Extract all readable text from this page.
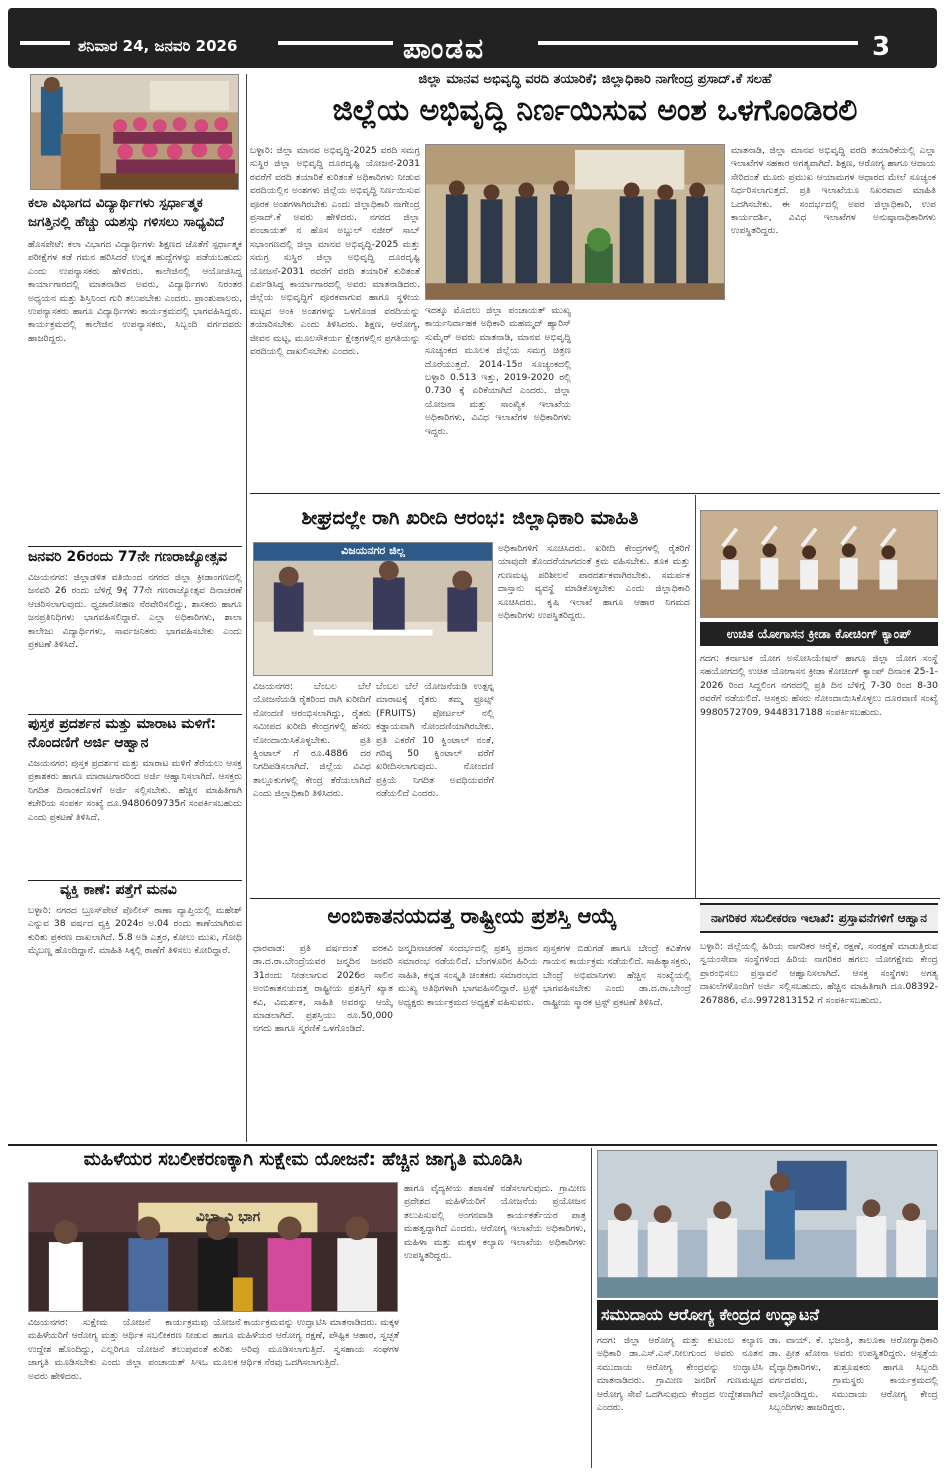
ಶನಿವಾರ 24, ಜನವರಿ 2026	ಪಾಂಡವ	3
ಕಲಾ ವಿಭಾಗದ ವಿದ್ಯಾರ್ಥಿಗಳು ಸ್ಪರ್ಧಾತ್ಮಕ ಜಗತ್ತಿನಲ್ಲಿ ಹೆಚ್ಚು ಯಶಸ್ಸು ಗಳಿಸಲು ಸಾಧ್ಯವಿದೆ
ಹೊಸಪೇಟೆ: ಕಲಾ ವಿಭಾಗದ ವಿದ್ಯಾರ್ಥಿಗಳು ಶಿಕ್ಷಣದ ಜೊತೆಗೆ ಸ್ಪರ್ಧಾತ್ಮಕ ಪರೀಕ್ಷೆಗಳ ಕಡೆ ಗಮನ ಹರಿಸಿದರೆ ಉನ್ನತ ಹುದ್ದೆಗಳನ್ನು ಪಡೆಯಬಹುದು ಎಂದು ಉಪನ್ಯಾಸಕರು ಹೇಳಿದರು. ಕಾಲೇಜಿನಲ್ಲಿ ಆಯೋಜಿಸಿದ್ದ ಕಾರ್ಯಾಗಾರದಲ್ಲಿ ಮಾತನಾಡಿದ ಅವರು, ವಿದ್ಯಾರ್ಥಿಗಳು ನಿರಂತರ ಅಧ್ಯಯನ ಮತ್ತು ಶಿಸ್ತಿನಿಂದ ಗುರಿ ತಲುಪಬೇಕು ಎಂದರು. ಪ್ರಾಂಶುಪಾಲರು, ಉಪನ್ಯಾಸಕರು ಹಾಗೂ ವಿದ್ಯಾರ್ಥಿಗಳು ಕಾರ್ಯಕ್ರಮದಲ್ಲಿ ಭಾಗವಹಿಸಿದ್ದರು. ಕಾರ್ಯಕ್ರಮದಲ್ಲಿ ಕಾಲೇಜಿನ ಉಪನ್ಯಾಸಕರು, ಸಿಬ್ಬಂದಿ ವರ್ಗದವರು ಹಾಜರಿದ್ದರು.
ಜನವರಿ 26ರಂದು 77ನೇ ಗಣರಾಜ್ಯೋತ್ಸವ
ವಿಜಯನಗರ: ಜಿಲ್ಲಾಡಳಿತ ವತಿಯಿಂದ ನಗರದ ಜಿಲ್ಲಾ ಕ್ರೀಡಾಂಗಣದಲ್ಲಿ ಜನವರಿ 26 ರಂದು ಬೆಳಿಗ್ಗೆ 9ಕ್ಕೆ 77ನೇ ಗಣರಾಜ್ಯೋತ್ಸವ ದಿನಾಚರಣೆ ಆಚರಿಸಲಾಗುವುದು. ಧ್ವಜಾರೋಹಣ ನೆರವೇರಿಸಲಿದ್ದು, ಶಾಸಕರು ಹಾಗೂ ಜನಪ್ರತಿನಿಧಿಗಳು ಭಾಗವಹಿಸಲಿದ್ದಾರೆ. ಎಲ್ಲಾ ಅಧಿಕಾರಿಗಳು, ಶಾಲಾ ಕಾಲೇಜು ವಿದ್ಯಾರ್ಥಿಗಳು, ಸಾರ್ವಜನಿಕರು ಭಾಗವಹಿಸಬೇಕು ಎಂದು ಪ್ರಕಟಣೆ ತಿಳಿಸಿದೆ.
ಪುಸ್ತಕ ಪ್ರದರ್ಶನ ಮತ್ತು ಮಾರಾಟ ಮಳಿಗೆ: ನೊಂದಣಿಗೆ ಅರ್ಜಿ ಆಹ್ವಾನ
ವಿಜಯನಗರ: ಪುಸ್ತಕ ಪ್ರದರ್ಶನ ಮತ್ತು ಮಾರಾಟ ಮಳಿಗೆ ತೆರೆಯಲು ಆಸಕ್ತ ಪ್ರಕಾಶಕರು ಹಾಗೂ ಮಾರಾಟಗಾರರಿಂದ ಅರ್ಜಿ ಆಹ್ವಾನಿಸಲಾಗಿದೆ. ಆಸಕ್ತರು ನಿಗದಿತ ದಿನಾಂಕದೊಳಗೆ ಅರ್ಜಿ ಸಲ್ಲಿಸಬೇಕು. ಹೆಚ್ಚಿನ ಮಾಹಿತಿಗಾಗಿ ಕಚೇರಿಯ ಸಂಪರ್ಕ ಸಂಖ್ಯೆ ದೂ.9480609735ಗೆ ಸಂಪರ್ಕಿಸಬಹುದು ಎಂದು ಪ್ರಕಟಣೆ ತಿಳಿಸಿದೆ.
ವ್ಯಕ್ತಿ ಕಾಣೆ: ಪತ್ತೆಗೆ ಮನವಿ
ಬಳ್ಳಾರಿ: ನಗರದ ಬ್ರೂಸ್‌ಪೇಟೆ ಪೊಲೀಸ್ ಠಾಣಾ ವ್ಯಾಪ್ತಿಯಲ್ಲಿ ಮಹೇಶ್ ಎನ್ನುವ 38 ವರ್ಷದ ವ್ಯಕ್ತಿ 2024ರ ಅ.04 ರಂದು ಕಾಣೆಯಾಗಿರುವ ಕುರಿತು ಪ್ರಕರಣ ದಾಖಲಾಗಿದೆ. 5.8 ಅಡಿ ಎತ್ತರ, ಕೋಲು ಮುಖ, ಗೋಧಿ ಮೈಬಣ್ಣ ಹೊಂದಿದ್ದಾನೆ. ಮಾಹಿತಿ ಸಿಕ್ಕಲ್ಲಿ ಠಾಣೆಗೆ ತಿಳಿಸಲು ಕೋರಿದ್ದಾರೆ.
ಜಿಲ್ಲಾ ಮಾನವ ಅಭಿವೃದ್ಧಿ ವರದಿ ತಯಾರಿಕೆ; ಜಿಲ್ಲಾಧಿಕಾರಿ ನಾಗೇಂದ್ರ ಪ್ರಸಾದ್.ಕೆ ಸಲಹೆ
ಜಿಲ್ಲೆಯ ಅಭಿವೃದ್ಧಿ ನಿರ್ಣಯಿಸುವ ಅಂಶ ಒಳಗೊಂಡಿರಲಿ
ಬಳ್ಳಾರಿ: ಜಿಲ್ಲಾ ಮಾನವ ಅಭಿವೃದ್ಧಿ-2025 ವರದಿ ಸಮಗ್ರ ಸುಸ್ಥಿರ ಜಿಲ್ಲಾ ಅಭಿವೃದ್ಧಿ ದೂರದೃಷ್ಟಿ ಯೋಜನೆ-2031 ರವರೆಗೆ ವರದಿ ತಯಾರಿಕೆ ಕುರಿತಂತೆ ಅಧಿಕಾರಿಗಳು ನೀಡುವ ವರದಿಯಲ್ಲಿನ ಅಂಶಗಳು ಜಿಲ್ಲೆಯ ಅಭಿವೃದ್ಧಿ ನಿರ್ಣಯಿಸುವ ಪೂರಕ ಅಂಶಗಳಾಗಿರಬೇಕು ಎಂದು ಜಿಲ್ಲಾಧಿಕಾರಿ ನಾಗೇಂದ್ರ ಪ್ರಸಾದ್.ಕೆ ಅವರು ಹೇಳಿದರು. ನಗರದ ಜಿಲ್ಲಾ ಪಂಚಾಯತ್ ನ ಹೊಸ ಅಬ್ದುಲ್ ನಜೀರ್ ಸಾಬ್ ಸಭಾಂಗಣದಲ್ಲಿ ಜಿಲ್ಲಾ ಮಾನವ ಅಭಿವೃದ್ಧಿ-2025 ಮತ್ತು ಸಮಗ್ರ ಸುಸ್ಥಿರ ಜಿಲ್ಲಾ ಅಭಿವೃದ್ಧಿ ದೂರದೃಷ್ಟಿ ಯೋಜನೆ-2031 ರವರೆಗೆ ವರದಿ ತಯಾರಿಕೆ ಕುರಿತಂತೆ ಏರ್ಪಡಿಸಿದ್ದ ಕಾರ್ಯಾಗಾರದಲ್ಲಿ ಅವರು ಮಾತನಾಡಿದರು. ಜಿಲ್ಲೆಯ ಅಭಿವೃದ್ಧಿಗೆ ಪೂರಕವಾಗುವ ಹಾಗೂ ಸ್ಥಳೀಯ ಮಟ್ಟದ ಅಂಕಿ ಅಂಶಗಳನ್ನು ಒಳಗೊಂಡ ವರದಿಯನ್ನು ತಯಾರಿಸಬೇಕು ಎಂದು ತಿಳಿಸಿದರು. ಶಿಕ್ಷಣ, ಆರೋಗ್ಯ, ಜೀವನ ಮಟ್ಟ, ಮೂಲಸೌಕರ್ಯ ಕ್ಷೇತ್ರಗಳಲ್ಲಿನ ಪ್ರಗತಿಯನ್ನು ವರದಿಯಲ್ಲಿ ದಾಖಲಿಸಬೇಕು ಎಂದರು.
ಇದಕ್ಕೂ ಮೊದಲು ಜಿಲ್ಲಾ ಪಂಚಾಯತ್ ಮುಖ್ಯ ಕಾರ್ಯನಿರ್ವಾಹಕ ಅಧಿಕಾರಿ ಮಹಮ್ಮದ್ ಹ್ಯಾರಿಸ್ ಸುಮೈರ್ ಅವರು ಮಾತನಾಡಿ, ಮಾನವ ಅಭಿವೃದ್ಧಿ ಸೂಚ್ಯಂಕದ ಮೂಲಕ ಜಿಲ್ಲೆಯ ಸಮಗ್ರ ಚಿತ್ರಣ ದೊರೆಯುತ್ತದೆ. 2014-15ರ ಸೂಚ್ಯಂಕದಲ್ಲಿ ಬಳ್ಳಾರಿ 0.513 ಇತ್ತು, 2019-2020 ರಲ್ಲಿ 0.730 ಕ್ಕೆ ಏರಿಕೆಯಾಗಿದೆ ಎಂದರು. ಜಿಲ್ಲಾ ಯೋಜನಾ ಮತ್ತು ಸಾಂಖ್ಯಿಕ ಇಲಾಖೆಯ ಅಧಿಕಾರಿಗಳು, ವಿವಿಧ ಇಲಾಖೆಗಳ ಅಧಿಕಾರಿಗಳು ಇದ್ದರು.
ಮಾತನಾಡಿ, ಜಿಲ್ಲಾ ಮಾನವ ಅಭಿವೃದ್ಧಿ ವರದಿ ತಯಾರಿಕೆಯಲ್ಲಿ ಎಲ್ಲಾ ಇಲಾಖೆಗಳ ಸಹಕಾರ ಅಗತ್ಯವಾಗಿದೆ. ಶಿಕ್ಷಣ, ಆರೋಗ್ಯ ಹಾಗೂ ಆದಾಯ ಸೇರಿದಂತೆ ಮೂರು ಪ್ರಮುಖ ಆಯಾಮಗಳ ಆಧಾರದ ಮೇಲೆ ಸೂಚ್ಯಂಕ ನಿರ್ಧರಿಸಲಾಗುತ್ತದೆ. ಪ್ರತಿ ಇಲಾಖೆಯೂ ನಿಖರವಾದ ಮಾಹಿತಿ ಒದಗಿಸಬೇಕು. ಈ ಸಂದರ್ಭದಲ್ಲಿ ಅಪರ ಜಿಲ್ಲಾಧಿಕಾರಿ, ಉಪ ಕಾರ್ಯದರ್ಶಿ, ವಿವಿಧ ಇಲಾಖೆಗಳ ಅನುಷ್ಠಾನಾಧಿಕಾರಿಗಳು ಉಪಸ್ಥಿತರಿದ್ದರು.
ಶೀಘ್ರದಲ್ಲೇ ರಾಗಿ ಖರೀದಿ ಆರಂಭ: ಜಿಲ್ಲಾಧಿಕಾರಿ ಮಾಹಿತಿ
ವಿಜಯನಗರ ಜಿಲ್ಲ
ವಿಜಯನಗರ: ಬೆಂಬಲ ಬೆಲೆ ಯೋಜನೆಯಡಿ ರೈತರಿಂದ ರಾಗಿ ಖರೀದಿಗೆ ನೋಂದಣಿ ಆರಂಭಿಸಲಾಗಿದ್ದು, ರೈತರು ಸಮೀಪದ ಖರೀದಿ ಕೇಂದ್ರಗಳಲ್ಲಿ ಹೆಸರು ನೋಂದಾಯಿಸಿಕೊಳ್ಳಬೇಕು. ಪ್ರತಿ ಕ್ವಿಂಟಾಲ್ ಗೆ ರೂ.4886 ದರ ನಿಗದಿಪಡಿಸಲಾಗಿದೆ. ಜಿಲ್ಲೆಯ ವಿವಿಧ ತಾಲ್ಲೂಕುಗಳಲ್ಲಿ ಕೇಂದ್ರ ತೆರೆಯಲಾಗಿದೆ ಎಂದು ಜಿಲ್ಲಾಧಿಕಾರಿ ತಿಳಿಸಿದರು.
ಬೆಂಬಲ ಬೆಲೆ ಯೋಜನೆಯಡಿ ಉತ್ಪನ್ನ ಮಾರಾಟಕ್ಕೆ ರೈತರು ತಮ್ಮ ಫ್ರೂಟ್ಸ್ (FRUITS) ಪೋರ್ಟಲ್ ನಲ್ಲಿ ಕಡ್ಡಾಯವಾಗಿ ನೋಂದಣಿಯಾಗಿರಬೇಕು. ಪ್ರತಿ ಎಕರೆಗೆ 10 ಕ್ವಿಂಟಾಲ್ ನಂತೆ, ಗರಿಷ್ಠ 50 ಕ್ವಿಂಟಾಲ್ ವರೆಗೆ ಖರೀದಿಸಲಾಗುವುದು. ನೋಂದಣಿ ಪ್ರಕ್ರಿಯೆ ನಿಗದಿತ ಅವಧಿಯವರೆಗೆ ನಡೆಯಲಿದೆ ಎಂದರು.
ಅಧಿಕಾರಿಗಳಿಗೆ ಸೂಚಿಸಿದರು. ಖರೀದಿ ಕೇಂದ್ರಗಳಲ್ಲಿ ರೈತರಿಗೆ ಯಾವುದೇ ತೊಂದರೆಯಾಗದಂತೆ ಕ್ರಮ ವಹಿಸಬೇಕು. ತೂಕ ಮತ್ತು ಗುಣಮಟ್ಟ ಪರಿಶೀಲನೆ ಪಾರದರ್ಶಕವಾಗಿರಬೇಕು. ಸಮರ್ಪಕ ದಾಸ್ತಾನು ವ್ಯವಸ್ಥೆ ಮಾಡಿಕೊಳ್ಳಬೇಕು ಎಂದು ಜಿಲ್ಲಾಧಿಕಾರಿ ಸೂಚಿಸಿದರು. ಕೃಷಿ ಇಲಾಖೆ ಹಾಗೂ ಆಹಾರ ನಿಗಮದ ಅಧಿಕಾರಿಗಳು ಉಪಸ್ಥಿತರಿದ್ದರು.
ಉಚಿತ ಯೋಗಾಸನ ಕ್ರೀಡಾ ಕೋಚಿಂಗ್ ಕ್ಯಾಂಪ್
ಗದಗ: ಕರ್ನಾಟಕ ಯೋಗ ಅಸೋಸಿಯೇಷನ್ ಹಾಗೂ ಜಿಲ್ಲಾ ಯೋಗ ಸಂಸ್ಥೆ ಸಹಯೋಗದಲ್ಲಿ ಉಚಿತ ಯೋಗಾಸನ ಕ್ರೀಡಾ ಕೋಚಿಂಗ್ ಕ್ಯಾಂಪ್ ದಿನಾಂಕ 25-1-2026 ರಿಂದ ಸಿದ್ದಲಿಂಗ ನಗರದಲ್ಲಿ ಪ್ರತಿ ದಿನ ಬೆಳಿಗ್ಗೆ 7-30 ರಿಂದ 8-30 ರವರೆಗೆ ನಡೆಯಲಿದೆ. ಆಸಕ್ತರು ಹೆಸರು ನೋಂದಾಯಿಸಿಕೊಳ್ಳಲು ದೂರವಾಣಿ ಸಂಖ್ಯೆ 9980572709, 9448317188 ಸಂಪರ್ಕಿಸಬಹುದು.
ಅಂಬಿಕಾತನಯದತ್ತ ರಾಷ್ಟ್ರೀಯ ಪ್ರಶಸ್ತಿ ಆಯ್ಕೆ
ಧಾರವಾಡ: ಪ್ರತಿ ವರ್ಷದಂತೆ ವರಕವಿ ಡಾ.ದ.ರಾ.ಬೇಂದ್ರೆಯವರ ಜನ್ಮದಿನ ಜನವರಿ 31ರಂದು ನೀಡಲಾಗುವ 2026ರ ಸಾಲಿನ ಅಂಬಿಕಾತನಯದತ್ತ ರಾಷ್ಟ್ರೀಯ ಪ್ರಶಸ್ತಿಗೆ ಖ್ಯಾತ ಕವಿ, ವಿಮರ್ಶಕ, ಸಾಹಿತಿ ಅವರನ್ನು ಆಯ್ಕೆ ಮಾಡಲಾಗಿದೆ. ಪ್ರಶಸ್ತಿಯು ರೂ.50,000 ನಗದು ಹಾಗೂ ಸ್ಮರಣಿಕೆ ಒಳಗೊಂಡಿದೆ.
ಜನ್ಮದಿನಾಚರಣೆ ಸಂದರ್ಭದಲ್ಲಿ ಪ್ರಶಸ್ತಿ ಪ್ರದಾನ ಸಮಾರಂಭ ನಡೆಯಲಿದೆ. ಬೆಂಗಳೂರಿನ ಹಿರಿಯ ಸಾಹಿತಿ, ಕನ್ನಡ ಸಂಸ್ಕೃತಿ ಚಿಂತಕರು ಸಮಾರಂಭದ ಮುಖ್ಯ ಅತಿಥಿಗಳಾಗಿ ಭಾಗವಹಿಸಲಿದ್ದಾರೆ. ಟ್ರಸ್ಟ್ ಅಧ್ಯಕ್ಷರು ಕಾರ್ಯಕ್ರಮದ ಅಧ್ಯಕ್ಷತೆ ವಹಿಸುವರು.
ಪುಸ್ತಕಗಳ ಬಿಡುಗಡೆ ಹಾಗೂ ಬೇಂದ್ರೆ ಕವಿತೆಗಳ ಗಾಯನ ಕಾರ್ಯಕ್ರಮ ನಡೆಯಲಿದೆ. ಸಾಹಿತ್ಯಾಸಕ್ತರು, ಬೇಂದ್ರೆ ಅಭಿಮಾನಿಗಳು ಹೆಚ್ಚಿನ ಸಂಖ್ಯೆಯಲ್ಲಿ ಭಾಗವಹಿಸಬೇಕು ಎಂದು ಡಾ.ದ.ರಾ.ಬೇಂದ್ರೆ ರಾಷ್ಟ್ರೀಯ ಸ್ಮಾರಕ ಟ್ರಸ್ಟ್ ಪ್ರಕಟಣೆ ತಿಳಿಸಿದೆ.
ನಾಗರಿಕರ ಸಬಲೀಕರಣ ಇಲಾಖೆ: ಪ್ರಸ್ತಾವನೆಗಳಿಗೆ ಆಹ್ವಾನ
ಬಳ್ಳಾರಿ: ಜಿಲ್ಲೆಯಲ್ಲಿ ಹಿರಿಯ ನಾಗರಿಕರ ಆರೈಕೆ, ರಕ್ಷಣೆ, ಸಂರಕ್ಷಣೆ ಮಾಡುತ್ತಿರುವ ಸ್ವಯಂಸೇವಾ ಸಂಸ್ಥೆಗಳಿಂದ ಹಿರಿಯ ನಾಗರಿಕರ ಹಗಲು ಯೋಗಕ್ಷೇಮ ಕೇಂದ್ರ ಪ್ರಾರಂಭಿಸಲು ಪ್ರಸ್ತಾವನೆ ಆಹ್ವಾನಿಸಲಾಗಿದೆ. ಆಸಕ್ತ ಸಂಸ್ಥೆಗಳು ಅಗತ್ಯ ದಾಖಲೆಗಳೊಂದಿಗೆ ಅರ್ಜಿ ಸಲ್ಲಿಸಬಹುದು. ಹೆಚ್ಚಿನ ಮಾಹಿತಿಗಾಗಿ ದೂ.08392-267886, ಮೊ.9972813152 ಗೆ ಸಂಪರ್ಕಿಸಬಹುದು.
ಮಹಿಳೆಯರ ಸಬಲೀಕರಣಕ್ಕಾಗಿ ಸುಕ್ಷೇಮ ಯೋಜನೆ: ಹೆಚ್ಚಿನ ಜಾಗೃತಿ ಮೂಡಿಸಿ
ವಿಭಾ ವಿ ಭಾಗ
ವಿಜಯನಗರ: ಸುಕ್ಷೇಮ ಯೋಜನೆ ಕಾರ್ಯಕ್ರಮವು ಮಹಿಳೆಯರಿಗೆ ಆರೋಗ್ಯ ಮತ್ತು ಆರ್ಥಿಕ ಸಬಲೀಕರಣ ನೀಡುವ ಉದ್ದೇಶ ಹೊಂದಿದ್ದು, ಎಲ್ಲರಿಗೂ ಯೋಜನೆ ತಲುಪುವಂತೆ ಜಾಗೃತಿ ಮೂಡಿಸಬೇಕು ಎಂದು ಜಿಲ್ಲಾ ಪಂಚಾಯತ್ ಸಿಇಒ ಅವರು ಹೇಳಿದರು.
ಯೋಜನೆ ಕಾರ್ಯಕ್ರಮವನ್ನು ಉದ್ಘಾಟಿಸಿ ಮಾತನಾಡಿದರು. ಮಕ್ಕಳ ಹಾಗೂ ಮಹಿಳೆಯರ ಆರೋಗ್ಯ ರಕ್ಷಣೆ, ಪೌಷ್ಟಿಕ ಆಹಾರ, ಸ್ವಚ್ಛತೆ ಕುರಿತು ಅರಿವು ಮೂಡಿಸಲಾಗುತ್ತಿದೆ. ಸ್ವಸಹಾಯ ಸಂಘಗಳ ಮೂಲಕ ಆರ್ಥಿಕ ನೆರವು ಒದಗಿಸಲಾಗುತ್ತಿದೆ.
ಹಾಗೂ ವೈದ್ಯಕೀಯ ತಪಾಸಣೆ ನಡೆಸಲಾಗುವುದು. ಗ್ರಾಮೀಣ ಪ್ರದೇಶದ ಮಹಿಳೆಯರಿಗೆ ಯೋಜನೆಯ ಪ್ರಯೋಜನ ತಲುಪಿಸುವಲ್ಲಿ ಅಂಗನವಾಡಿ ಕಾರ್ಯಕರ್ತೆಯರ ಪಾತ್ರ ಮಹತ್ವದ್ದಾಗಿದೆ ಎಂದರು. ಆರೋಗ್ಯ ಇಲಾಖೆಯ ಅಧಿಕಾರಿಗಳು, ಮಹಿಳಾ ಮತ್ತು ಮಕ್ಕಳ ಕಲ್ಯಾಣ ಇಲಾಖೆಯ ಅಧಿಕಾರಿಗಳು ಉಪಸ್ಥಿತರಿದ್ದರು.
ಸಮುದಾಯ ಆರೋಗ್ಯ ಕೇಂದ್ರದ ಉದ್ಘಾಟನೆ
ಗದಗ: ಜಿಲ್ಲಾ ಆರೋಗ್ಯ ಮತ್ತು ಕುಟುಂಬ ಕಲ್ಯಾಣ ಅಧಿಕಾರಿ ಡಾ.ಎಸ್.ಎಸ್.ನೀಲಗುಂದ ಅವರು ನೂತನ ಸಮುದಾಯ ಆರೋಗ್ಯ ಕೇಂದ್ರವನ್ನು ಉದ್ಘಾಟಿಸಿ ಮಾತನಾಡಿದರು. ಗ್ರಾಮೀಣ ಜನರಿಗೆ ಗುಣಮಟ್ಟದ ಆರೋಗ್ಯ ಸೇವೆ ಒದಗಿಸುವುದು ಕೇಂದ್ರದ ಉದ್ದೇಶವಾಗಿದೆ ಎಂದರು.
ಡಾ. ವಾಯ್. ಕೆ. ಭಜಂತ್ರಿ, ತಾಲೂಕಾ ಆರೋಗ್ಯಾಧಿಕಾರಿ ಡಾ. ಪ್ರೀತ ಖೋನಾ ಅವರು ಉಪಸ್ಥಿತರಿದ್ದರು. ಆಸ್ಪತ್ರೆಯ ವೈದ್ಯಾಧಿಕಾರಿಗಳು, ಶುಶ್ರೂಷಕರು ಹಾಗೂ ಸಿಬ್ಬಂದಿ ವರ್ಗದವರು, ಗ್ರಾಮಸ್ಥರು ಕಾರ್ಯಕ್ರಮದಲ್ಲಿ ಪಾಲ್ಗೊಂಡಿದ್ದರು. ಸಮುದಾಯ ಆರೋಗ್ಯ ಕೇಂದ್ರ ಸಿಬ್ಬಂದಿಗಳು ಹಾಜರಿದ್ದರು.
